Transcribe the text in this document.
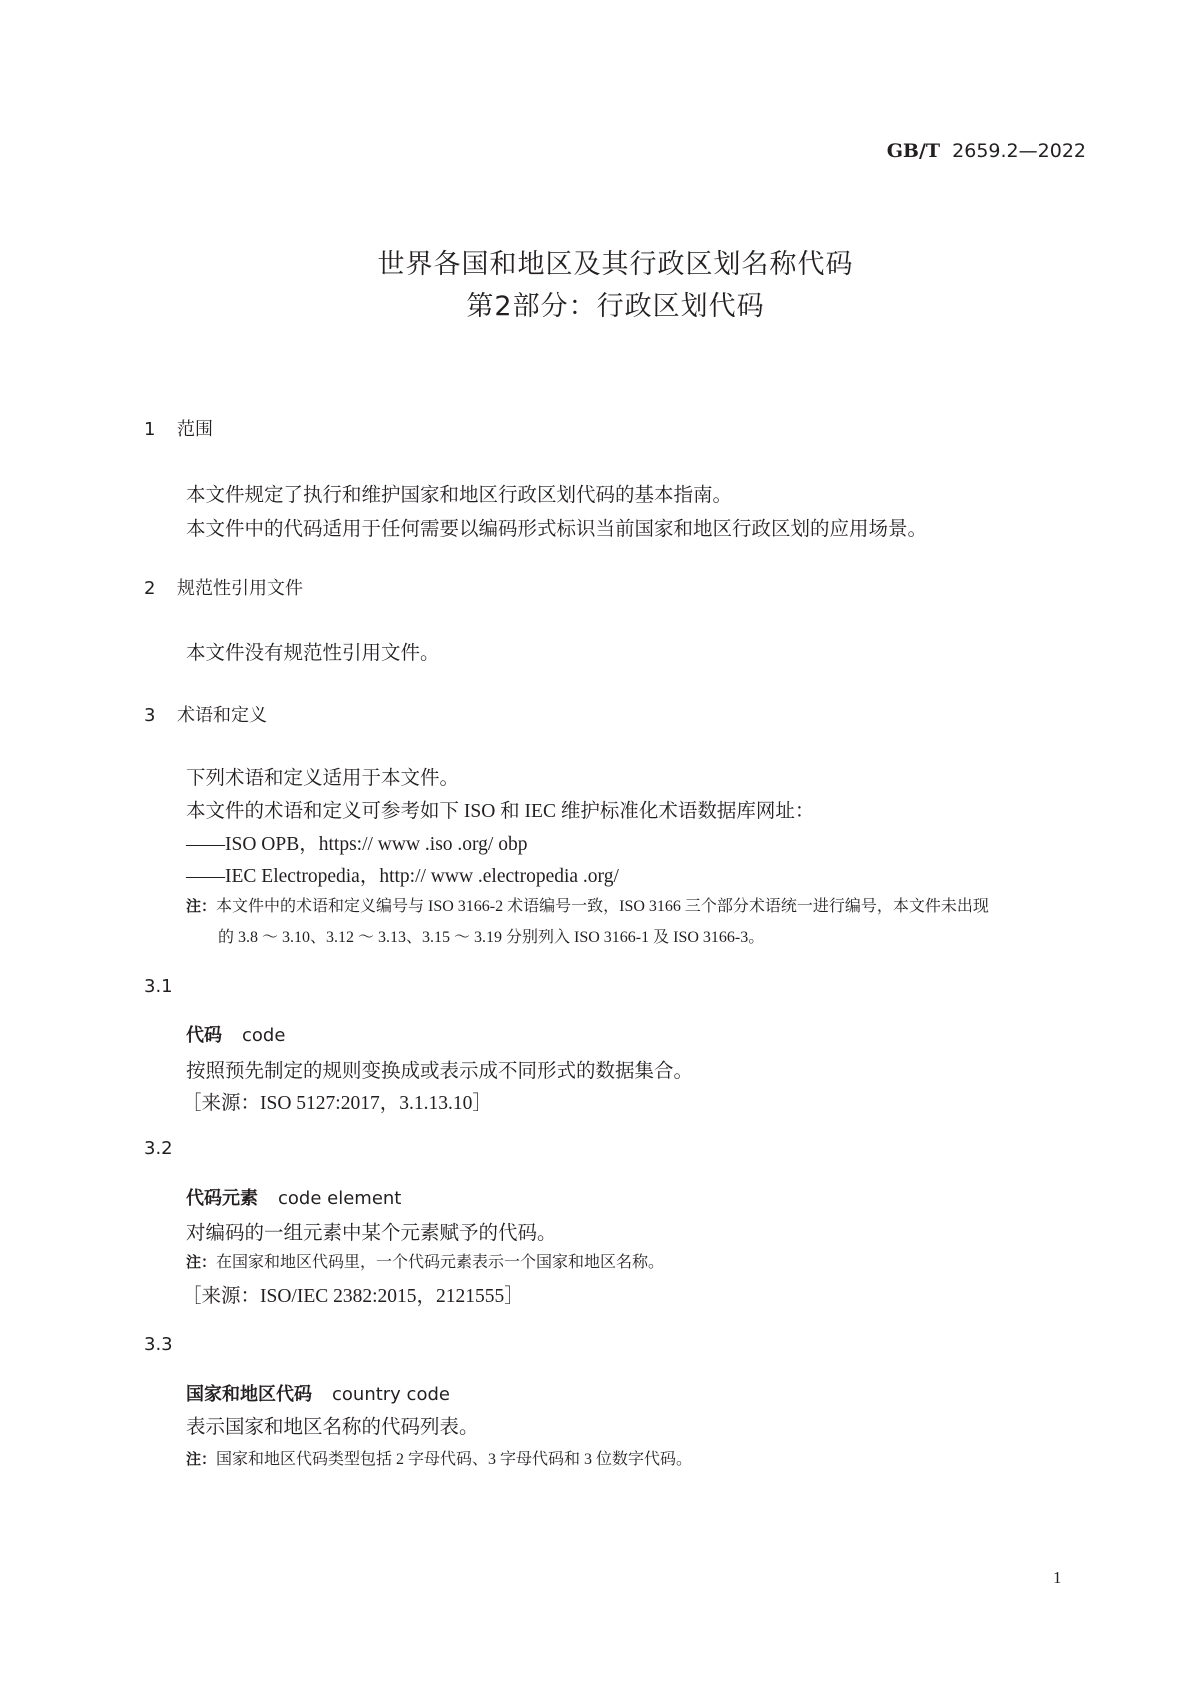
GB/T 2659.2—2022
世界各国和地区及其行政区划名称代码
第2部分：行政区划代码
1 范围
本文件规定了执行和维护国家和地区行政区划代码的基本指南。
本文件中的代码适用于任何需要以编码形式标识当前国家和地区行政区划的应用场景。
2 规范性引用文件
本文件没有规范性引用文件。
3 术语和定义
下列术语和定义适用于本文件。
本文件的术语和定义可参考如下 ISO 和 IEC 维护标准化术语数据库网址：
——ISO OPB，https:// www .iso .org/ obp
——IEC Electropedia，http:// www .electropedia .org/
注：本文件中的术语和定义编号与 ISO 3166-2 术语编号一致，ISO 3166 三个部分术语统一进行编号，本文件未出现
的 3.8 ～ 3.10、3.12 ～ 3.13、3.15 ～ 3.19 分别列入 ISO 3166-1 及 ISO 3166-3。
3.1
代码 code
按照预先制定的规则变换成或表示成不同形式的数据集合。
［来源：ISO 5127:2017，3.1.13.10］
3.2
代码元素 code element
对编码的一组元素中某个元素赋予的代码。
注：在国家和地区代码里，一个代码元素表示一个国家和地区名称。
［来源：ISO/IEC 2382:2015，2121555］
3.3
国家和地区代码 country code
表示国家和地区名称的代码列表。
注：国家和地区代码类型包括 2 字母代码、3 字母代码和 3 位数字代码。
1
